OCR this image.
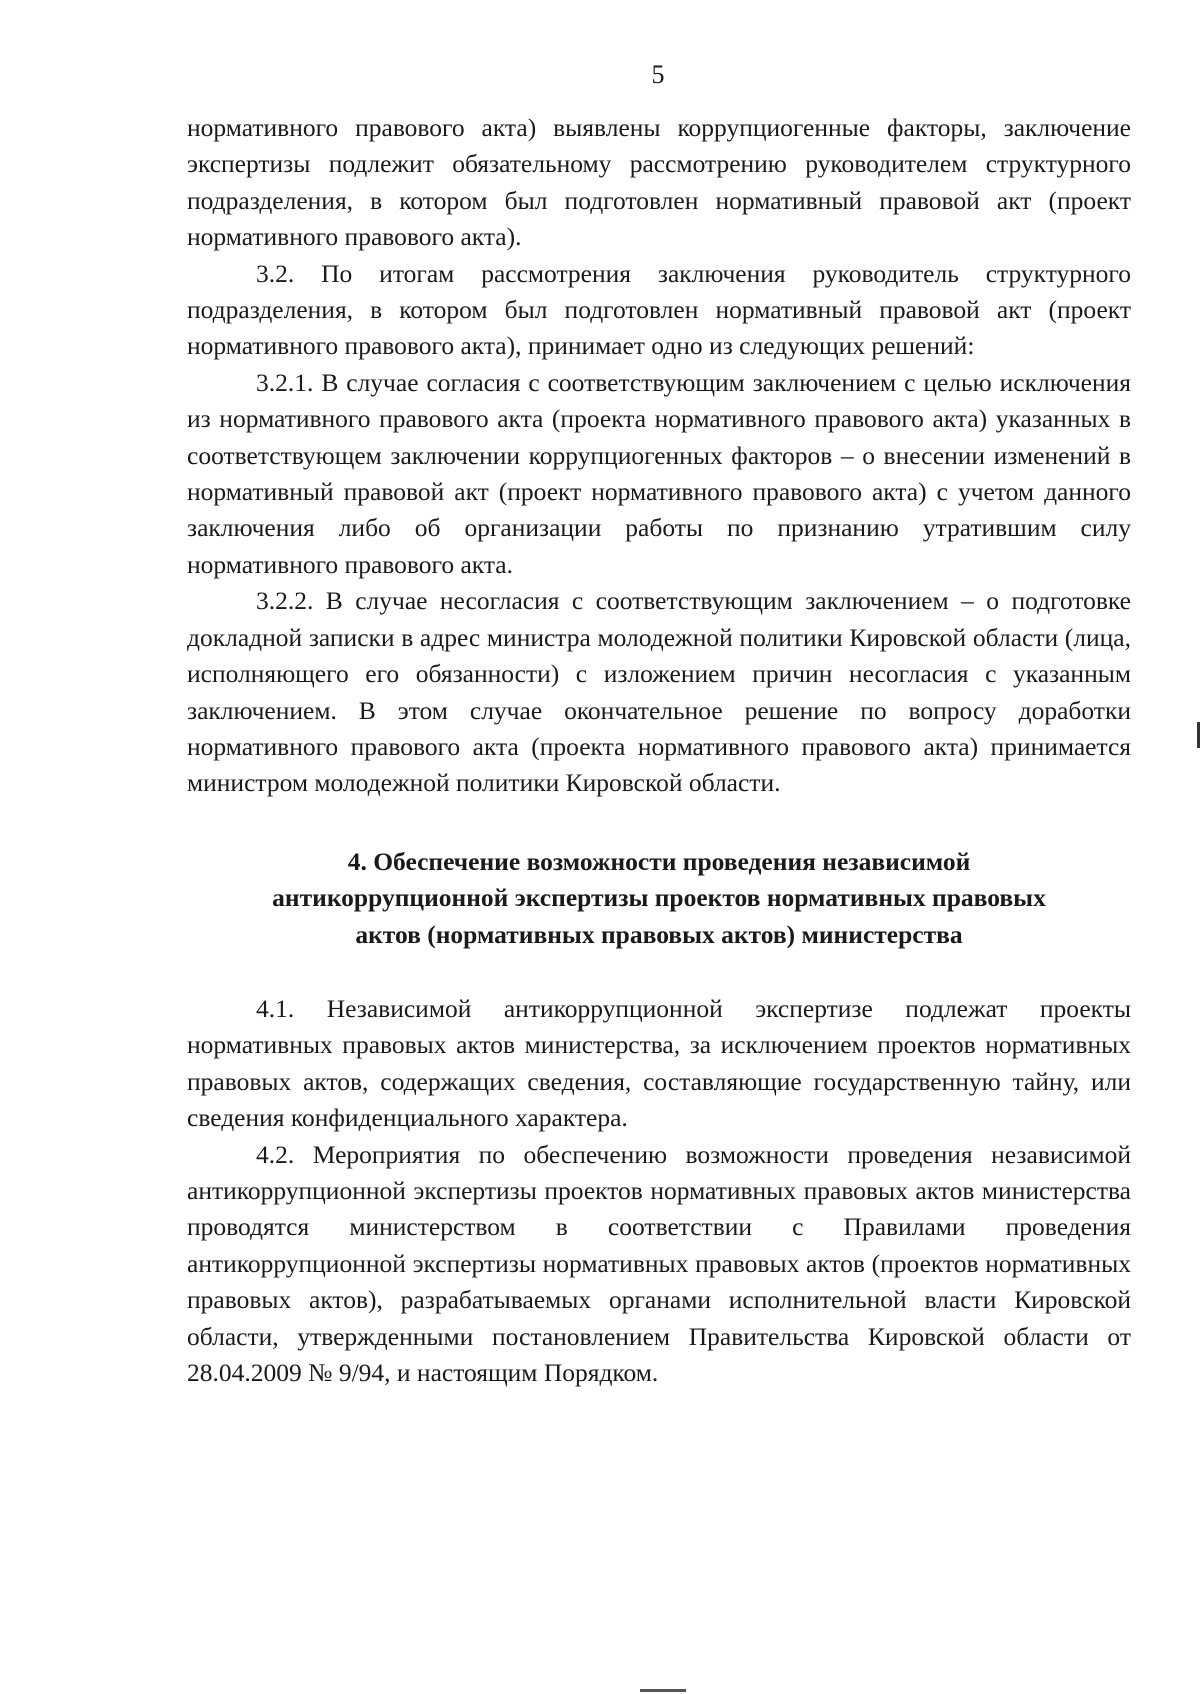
5

нормативного правового акта) выявлены коррупциогенные факторы, заключение экспертизы подлежит обязательному рассмотрению руководителем структурного подразделения, в котором был подготовлен нормативный правовой акт (проект нормативного правового акта).

3.2. По итогам рассмотрения заключения руководитель структурного подразделения, в котором был подготовлен нормативный правовой акт (проект нормативного правового акта), принимает одно из следующих решений:

3.2.1. В случае согласия с соответствующим заключением с целью исключения из нормативного правового акта (проекта нормативного правового акта) указанных в соответствующем заключении коррупциогенных факторов – о внесении изменений в нормативный правовой акт (проект нормативного правового акта) с учетом данного заключения либо об организации работы по признанию утратившим силу нормативного правового акта.

3.2.2. В случае несогласия с соответствующим заключением – о подготовке докладной записки в адрес министра молодежной политики Кировской области (лица, исполняющего его обязанности) с изложением причин несогласия с указанным заключением. В этом случае окончательное решение по вопросу доработки нормативного правового акта (проекта нормативного правового акта) принимается министром молодежной политики Кировской области.

4. Обеспечение возможности проведения независимой
антикоррупционной экспертизы проектов нормативных правовых
актов (нормативных правовых актов) министерства

4.1. Независимой антикоррупционной экспертизе подлежат проекты нормативных правовых актов министерства, за исключением проектов нормативных правовых актов, содержащих сведения, составляющие государственную тайну, или сведения конфиденциального характера.

4.2. Мероприятия по обеспечению возможности проведения независимой антикоррупционной экспертизы проектов нормативных правовых актов министерства проводятся министерством в соответствии с Правилами проведения антикоррупционной экспертизы нормативных правовых актов (проектов нормативных правовых актов), разрабатываемых органами исполнительной власти Кировской области, утвержденными постановлением Правительства Кировской области от 28.04.2009 № 9/94, и настоящим Порядком.
